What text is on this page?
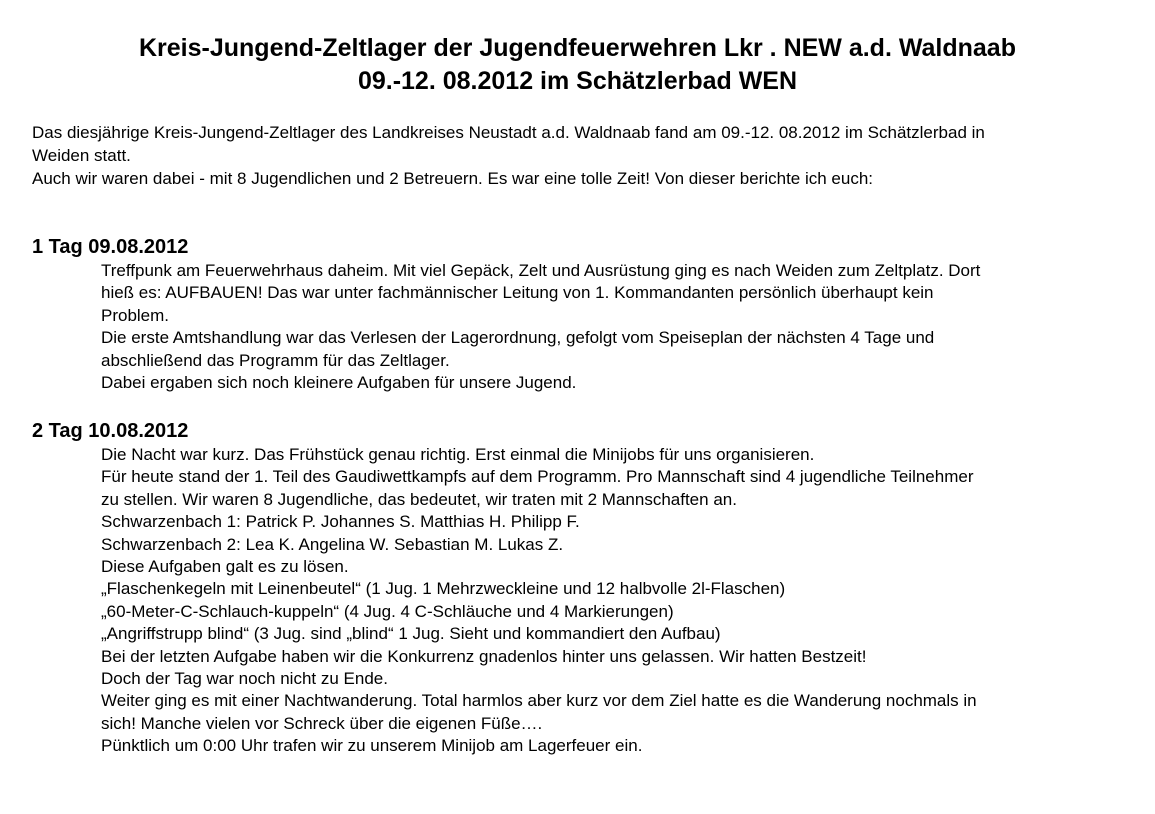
Kreis-Jungend-Zeltlager der Jugendfeuerwehren Lkr . NEW a.d. Waldnaab
09.-12. 08.2012 im Schätzlerbad WEN
Das diesjährige Kreis-Jungend-Zeltlager des Landkreises Neustadt a.d. Waldnaab fand am 09.-12. 08.2012 im Schätzlerbad in
Weiden statt.
Auch wir waren dabei - mit 8 Jugendlichen und 2 Betreuern. Es war eine tolle Zeit! Von dieser berichte ich euch:
1 Tag 09.08.2012
Treffpunk am Feuerwehrhaus daheim. Mit viel Gepäck, Zelt und Ausrüstung ging es nach Weiden zum Zeltplatz. Dort
hieß es: AUFBAUEN! Das war unter fachmännischer Leitung von 1. Kommandanten persönlich überhaupt kein
Problem.
Die erste Amtshandlung war das Verlesen der Lagerordnung, gefolgt vom Speiseplan der nächsten 4 Tage und
abschließend das Programm für das Zeltlager.
Dabei ergaben sich noch kleinere Aufgaben für unsere Jugend.
2 Tag 10.08.2012
Die Nacht war kurz. Das Frühstück genau richtig. Erst einmal die Minijobs für uns organisieren.
Für heute stand der 1. Teil des Gaudiwettkampfs auf dem Programm. Pro Mannschaft sind 4 jugendliche Teilnehmer
zu stellen. Wir waren 8 Jugendliche, das bedeutet, wir traten mit 2 Mannschaften an.
Schwarzenbach 1: Patrick P. Johannes S. Matthias H. Philipp F.
Schwarzenbach 2: Lea K. Angelina W. Sebastian M. Lukas Z.
Diese Aufgaben galt es zu lösen.
„Flaschenkegeln mit Leinenbeutel“ (1 Jug. 1 Mehrzweckleine und 12 halbvolle 2l-Flaschen)
„60-Meter-C-Schlauch-kuppeln“ (4 Jug. 4 C-Schläuche und 4 Markierungen)
„Angriffstrupp blind“ (3 Jug. sind „blind“ 1 Jug. Sieht und kommandiert den Aufbau)
Bei der letzten Aufgabe haben wir die Konkurrenz gnadenlos hinter uns gelassen. Wir hatten Bestzeit!
Doch der Tag war noch nicht zu Ende.
Weiter ging es mit einer Nachtwanderung. Total harmlos aber kurz vor dem Ziel hatte es die Wanderung nochmals in
sich! Manche vielen vor Schreck über die eigenen Füße….
Pünktlich um 0:00 Uhr trafen wir zu unserem Minijob am Lagerfeuer ein.
